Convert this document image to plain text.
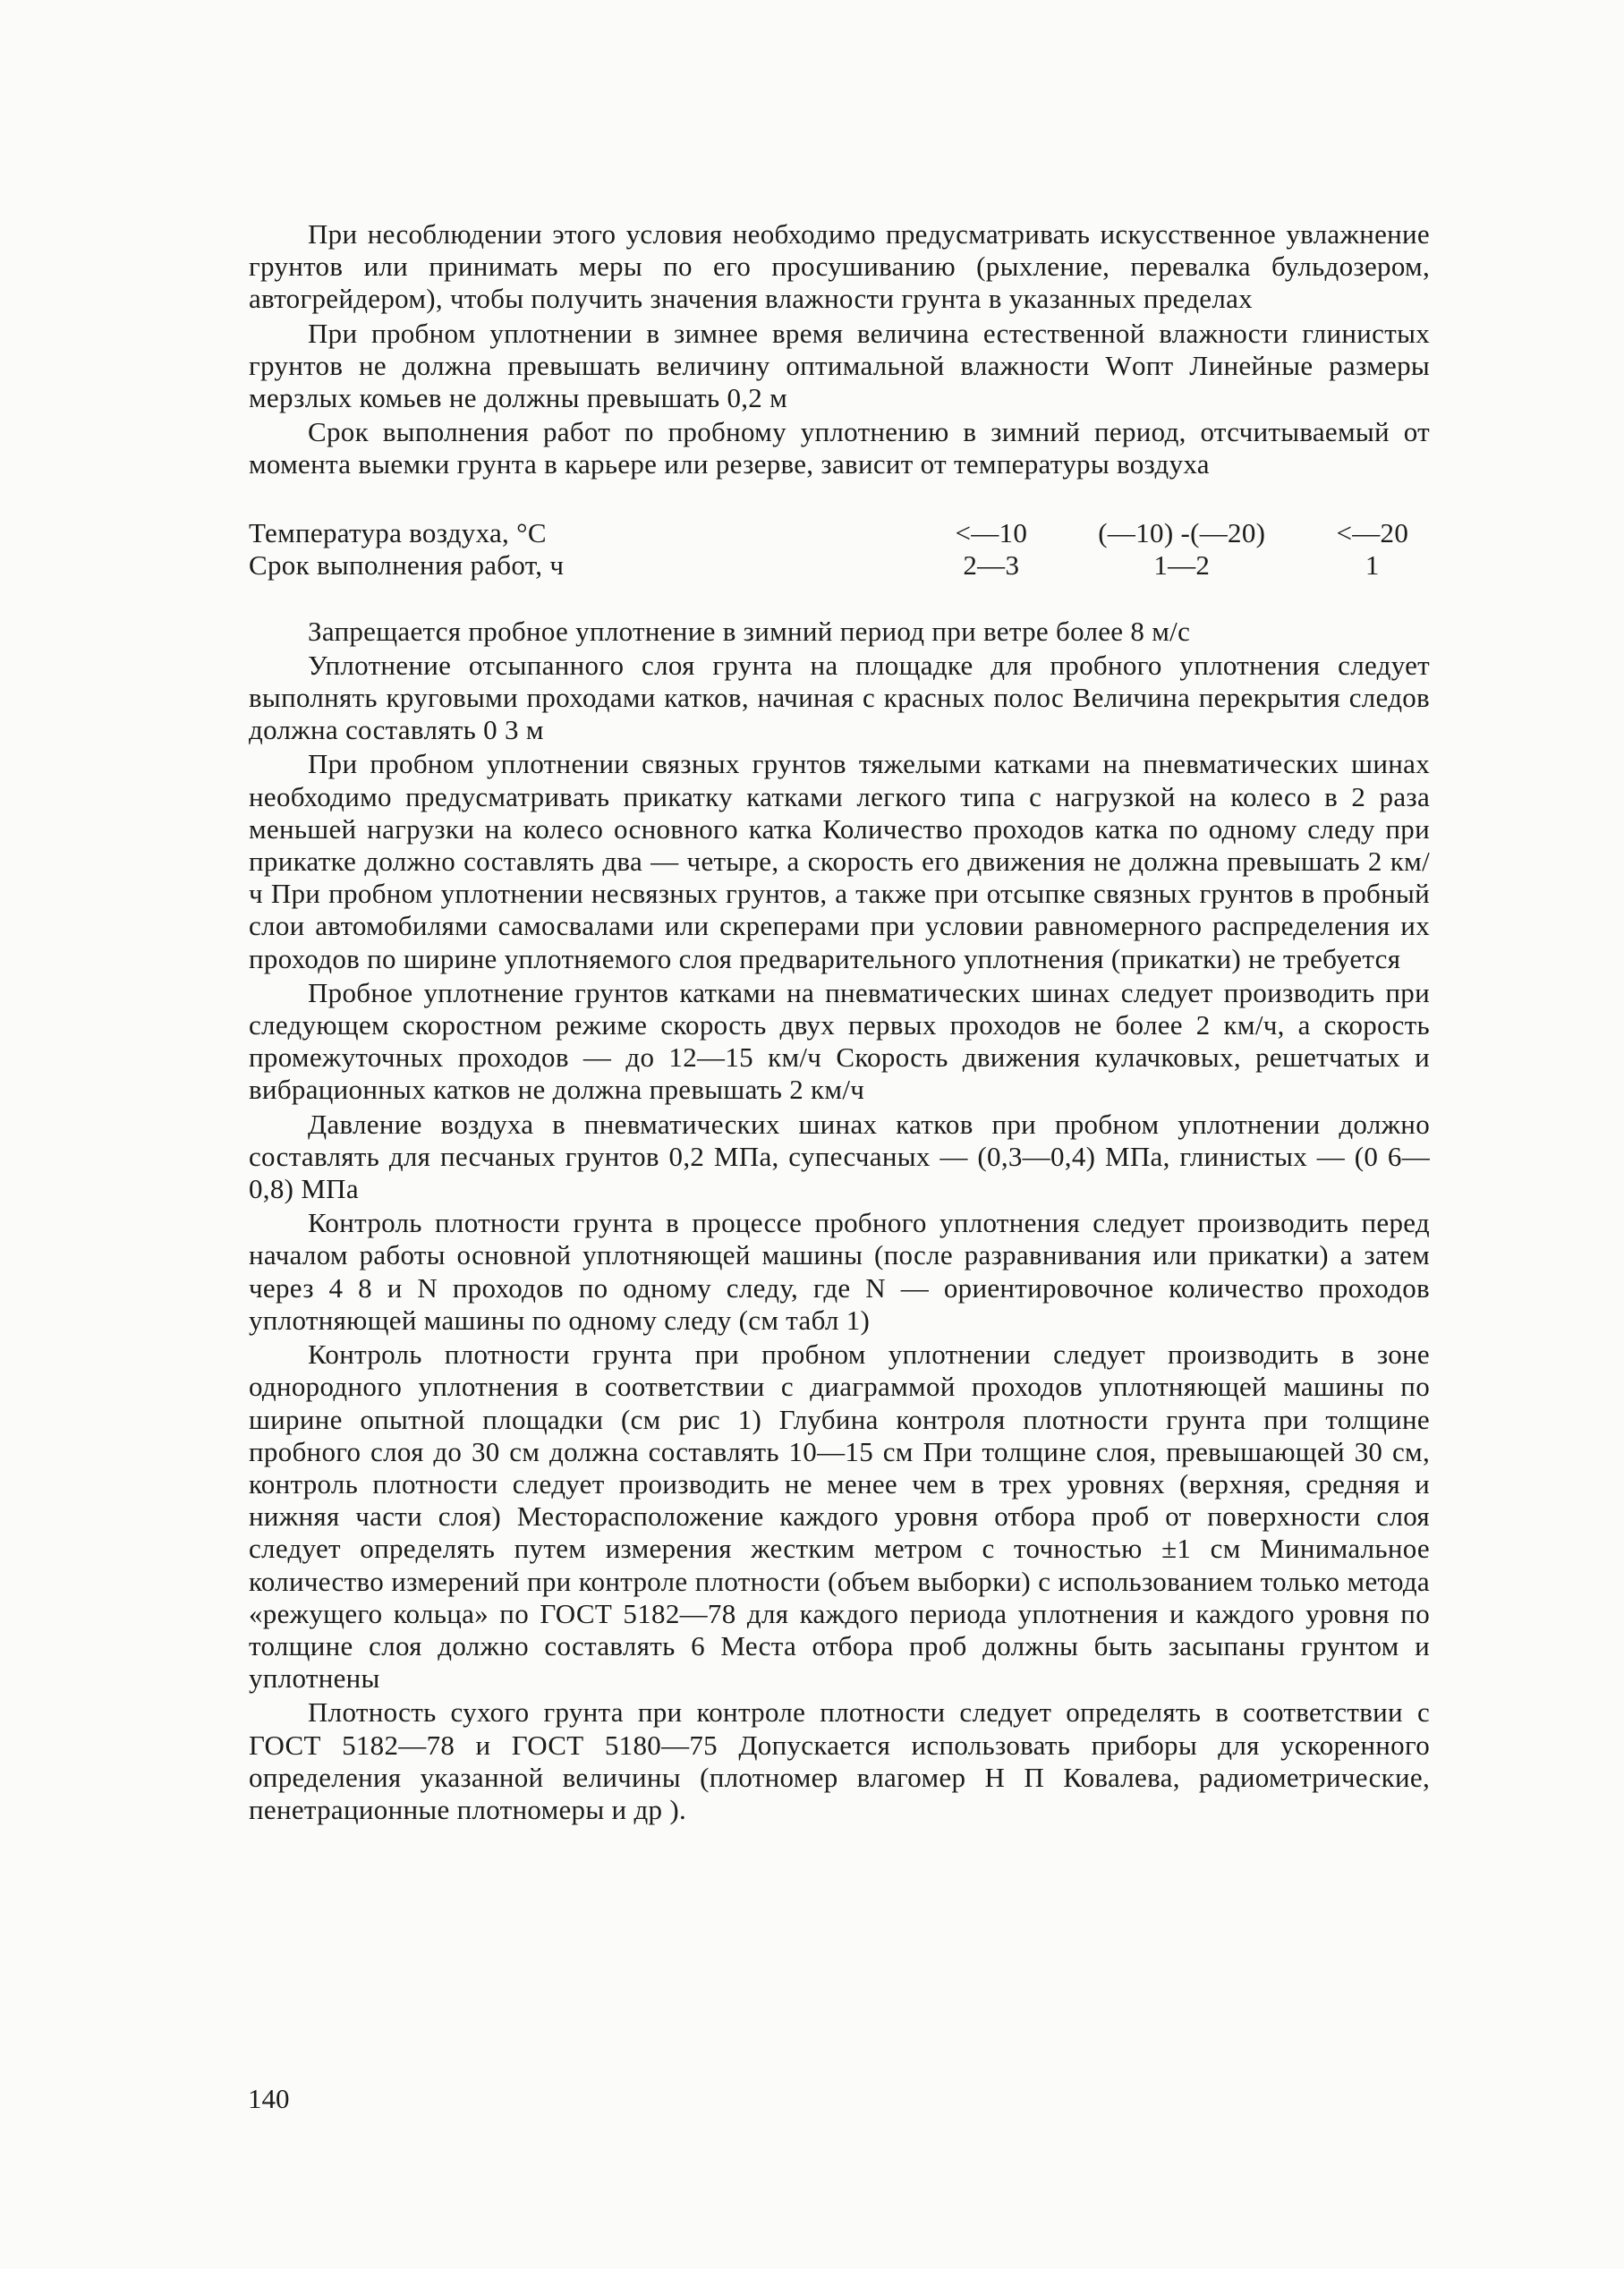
При несоблюдении этого условия необходимо предусматривать искусственное увлажнение грунтов или принимать меры по его просушиванию (рыхление, перевалка бульдозером, автогрейдером), чтобы получить значения влажности грунта в указанных пределах

При пробном уплотнении в зимнее время величина естественной влажности глинистых грунтов не должна превышать величину оптимальной влажности Wопт Линейные размеры мерзлых комьев не должны превышать 0,2 м

Срок выполнения работ по пробному уплотнению в зимний период, отсчитываемый от момента выемки грунта в карьере или резерве, зависит от температуры воздуха

Температура воздуха, °С	<—10	(—10) -(—20)	<—20
Срок выполнения работ, ч	2—3	1—2	1

Запрещается пробное уплотнение в зимний период при ветре более 8 м/с

Уплотнение отсыпанного слоя грунта на площадке для пробного уплотнения следует выполнять круговыми проходами катков, начиная с красных полос Величина перекрытия следов должна составлять 0 3 м

При пробном уплотнении связных грунтов тяжелыми катками на пневматических шинах необходимо предусматривать прикатку катками легкого типа с нагрузкой на колесо в 2 раза меньшей нагрузки на колесо основного катка Количество проходов катка по одному следу при прикатке должно составлять два — четыре, а скорость его движения не должна превышать 2 км/ч При пробном уплотнении несвязных грунтов, а также при отсыпке связных грунтов в пробный слои автомобилями самосвалами или скреперами при условии равномерного распределения их проходов по ширине уплотняемого слоя предварительного уплотнения (прикатки) не требуется

Пробное уплотнение грунтов катками на пневматических шинах следует производить при следующем скоростном режиме скорость двух первых проходов не более 2 км/ч, а скорость промежуточных проходов — до 12—15 км/ч Скорость движения кулачковых, решетчатых и вибрационных катков не должна превышать 2 км/ч

Давление воздуха в пневматических шинах катков при пробном уплотнении должно составлять для песчаных грунтов 0,2 МПа, супесчаных — (0,3—0,4) МПа, глинистых — (0 6—0,8) МПа

Контроль плотности грунта в процессе пробного уплотнения следует производить перед началом работы основной уплотняющей машины (после разравнивания или прикатки) а затем через 4 8 и N проходов по одному следу, где N — ориентировочное количество проходов уплотняющей машины по одному следу (см табл 1)

Контроль плотности грунта при пробном уплотнении следует производить в зоне однородного уплотнения в соответствии с диаграммой проходов уплотняющей машины по ширине опытной площадки (см рис 1) Глубина контроля плотности грунта при толщине пробного слоя до 30 см должна составлять 10—15 см При толщине слоя, превышающей 30 см, контроль плотности следует производить не менее чем в трех уровнях (верхняя, средняя и нижняя части слоя) Месторасположение каждого уровня отбора проб от поверхности слоя следует определять путем измерения жестким метром с точностью ±1 см Минимальное количество измерений при контроле плотности (объем выборки) с использованием только метода «режущего кольца» по ГОСТ 5182—78 для каждого периода уплотнения и каждого уровня по толщине слоя должно составлять 6 Места отбора проб должны быть засыпаны грунтом и уплотнены

Плотность сухого грунта при контроле плотности следует определять в соответствии с ГОСТ 5182—78 и ГОСТ 5180—75 Допускается использовать приборы для ускоренного определения указанной величины (плотномер влагомер Н П Ковалева, радиометрические, пенетрационные плотномеры и др ).

140
